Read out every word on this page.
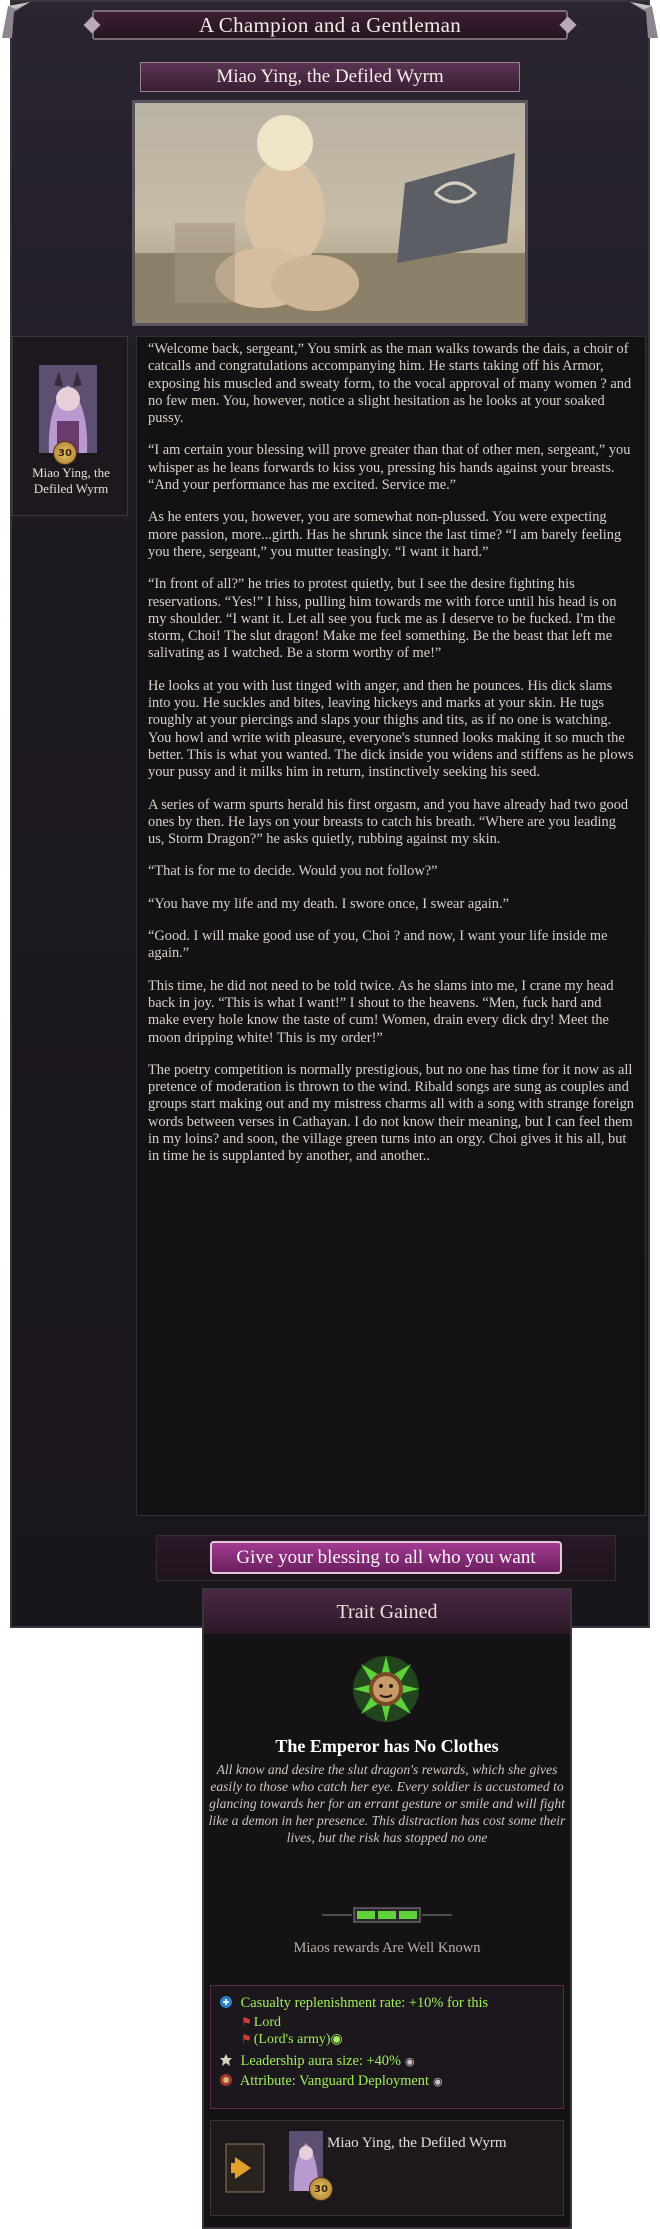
A Champion and a Gentleman
Miao Ying, the Defiled Wyrm
30
Miao Ying, the Defiled Wyrm

“Welcome back, sergeant,” You smirk as the man walks towards the dais, a choir of catcalls and congratulations accompanying him. He starts taking off his Armor, exposing his muscled and sweaty form, to the vocal approval of many women ? and no few men. You, however, notice a slight hesitation as he looks at your soaked pussy.

“I am certain your blessing will prove greater than that of other men, sergeant,” you whisper as he leans forwards to kiss you, pressing his hands against your breasts. “And your performance has me excited. Service me.”

As he enters you, however, you are somewhat non-plussed. You were expecting more passion, more...girth. Has he shrunk since the last time? “I am barely feeling you there, sergeant,” you mutter teasingly. “I want it hard.”

“In front of all?” he tries to protest quietly, but I see the desire fighting his reservations. “Yes!” I hiss, pulling him towards me with force until his head is on my shoulder. “I want it. Let all see you fuck me as I deserve to be fucked. I'm the storm, Choi! The slut dragon! Make me feel something. Be the beast that left me salivating as I watched. Be a storm worthy of me!”

He looks at you with lust tinged with anger, and then he pounces. His dick slams into you. He suckles and bites, leaving hickeys and marks at your skin. He tugs roughly at your piercings and slaps your thighs and tits, as if no one is watching. You howl and write with pleasure, everyone's stunned looks making it so much the better. This is what you wanted. The dick inside you widens and stiffens as he plows your pussy and it milks him in return, instinctively seeking his seed.

A series of warm spurts herald his first orgasm, and you have already had two good ones by then. He lays on your breasts to catch his breath. “Where are you leading us, Storm Dragon?” he asks quietly, rubbing against my skin.

“That is for me to decide. Would you not follow?”

“You have my life and my death. I swore once, I swear again.”

“Good. I will make good use of you, Choi ? and now, I want your life inside me again.”

This time, he did not need to be told twice. As he slams into me, I crane my head back in joy. “This is what I want!” I shout to the heavens. “Men, fuck hard and make every hole know the taste of cum! Women, drain every dick dry! Meet the moon dripping white! This is my order!”

The poetry competition is normally prestigious, but no one has time for it now as all pretence of moderation is thrown to the wind. Ribald songs are sung as couples and groups start making out and my mistress charms all with a song with strange foreign words between verses in Cathayan. I do not know their meaning, but I can feel them in my loins? and soon, the village green turns into an orgy. Choi gives it his all, but in time he is supplanted by another, and another..

Give your blessing to all who you want
Trait Gained
The Emperor has No Clothes
All know and desire the slut dragon's rewards, which she gives easily to those who catch her eye. Every soldier is accustomed to glancing towards her for an errant gesture or smile and will fight like a demon in her presence. This distraction has cost some their lives, but the risk has stopped no one
Miaos rewards Are Well Known
Casualty replenishment rate: +10% for this
⚑ Lord
⚑ (Lord's army)◉
Leadership aura size: +40% ◉
Attribute: Vanguard Deployment ◉
30
Miao Ying, the Defiled Wyrm
